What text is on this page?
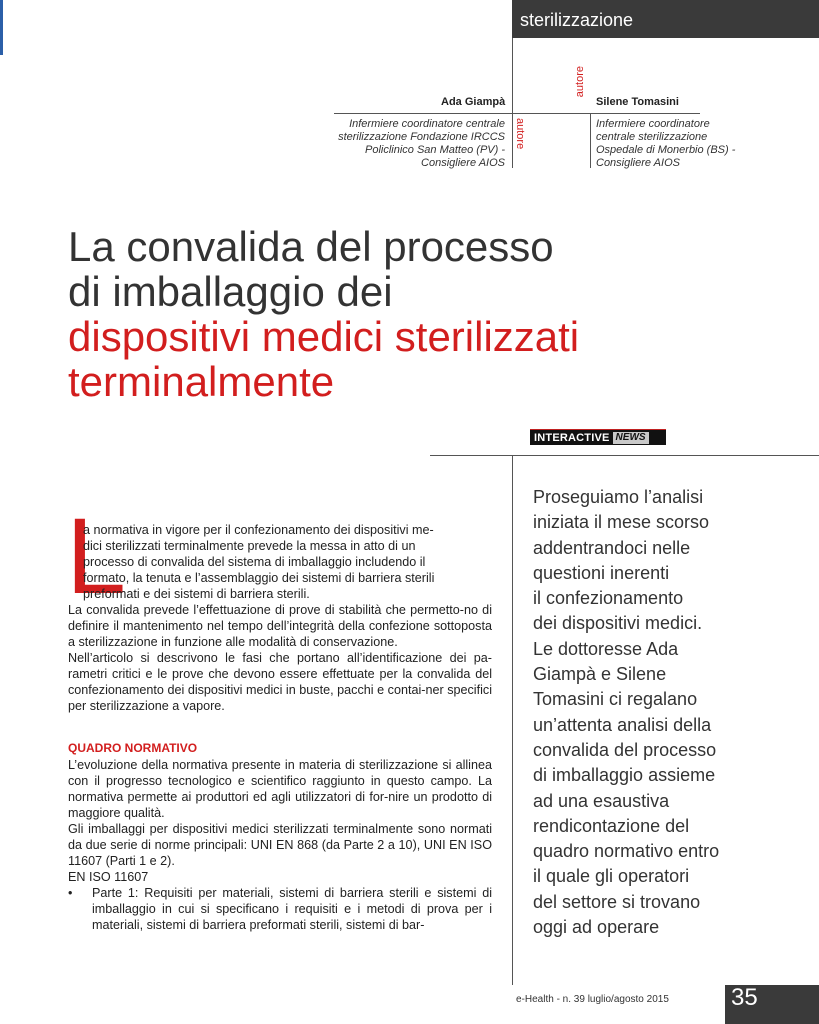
sterilizzazione
Ada Giampà
autore
Silene Tomasini
autore
Infermiere coordinatore centrale
sterilizzazione Fondazione IRCCS
Policlinico San Matteo (PV) -
Consigliere AIOS
Infermiere coordinatore
centrale sterilizzazione
Ospedale di Monerbio (BS) -
Consigliere AIOS
La convalida del processo
di imballaggio dei
dispositivi medici sterilizzati
terminalmente
INTERACTIVE NEWS
L
a normativa in vigore per il confezionamento dei dispositivi me-
dici sterilizzati terminalmente prevede la messa in atto di un
processo di convalida del sistema di imballaggio includendo il
formato, la tenuta e l’assemblaggio dei sistemi di barriera sterili
preformati e dei sistemi di barriera sterili.

La convalida prevede l’effettuazione di prove di stabilità che permetto-no di definire il mantenimento nel tempo dell’integrità della confezione sottoposta a sterilizzazione in funzione alle modalità di conservazione.

Nell’articolo si descrivono le fasi che portano all’identificazione dei pa-rametri critici e le prove che devono essere effettuate per la convalida del confezionamento dei dispositivi medici in buste, pacchi e contai-ner specifici per sterilizzazione a vapore.

QUADRO NORMATIVO

L’evoluzione della normativa presente in materia di sterilizzazione si allinea con il progresso tecnologico e scientifico raggiunto in questo campo. La normativa permette ai produttori ed agli utilizzatori di for-nire un prodotto di maggiore qualità.

Gli imballaggi per dispositivi medici sterilizzati terminalmente sono normati da due serie di norme principali: UNI EN 868 (da Parte 2 a 10), UNI EN ISO 11607 (Parti 1 e 2).

EN ISO 11607

•	Parte 1: Requisiti per materiali, sistemi di barriera sterili e sistemi di imballaggio in cui si specificano i requisiti e i metodi di prova per i materiali, sistemi di barriera preformati sterili, sistemi di bar-
Proseguiamo l’analisi
iniziata il mese scorso
addentrandoci nelle
questioni inerenti
il confezionamento
dei dispositivi medici.
Le dottoresse Ada
Giampà e Silene
Tomasini ci regalano
un’attenta analisi della
convalida del processo
di imballaggio assieme
ad una esaustiva
rendicontazione del
quadro normativo entro
il quale gli operatori
del settore si trovano
oggi ad operare
e-Health - n. 39 luglio/agosto 2015	35
